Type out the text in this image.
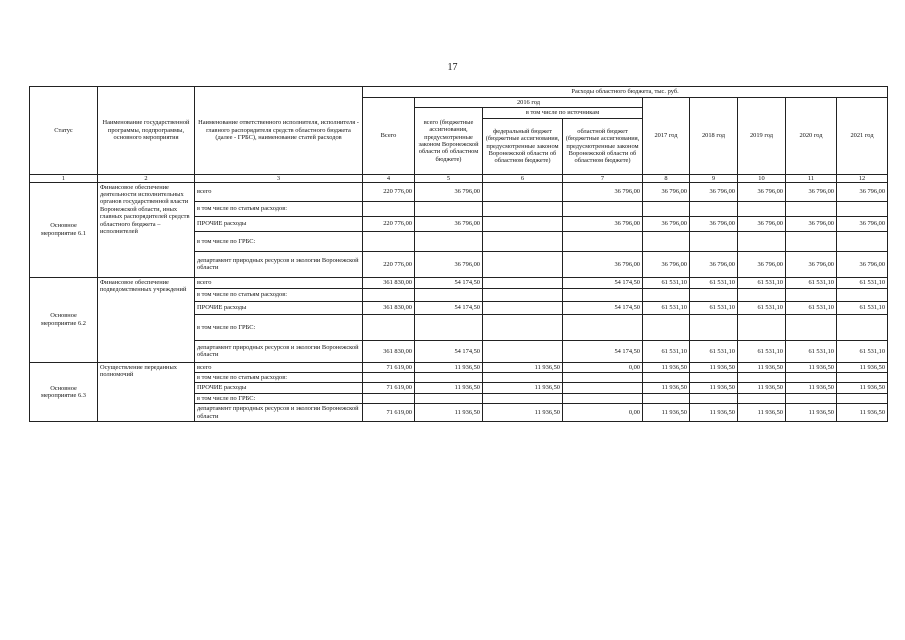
17
Статус	Наименование государственной программы, подпрограммы, основного мероприятия	Наименование ответственного исполнителя, исполнителя - главного распорядителя средств областного бюджета (далее - ГРБС), наименование статей расходов	Расходы областного бюджета, тыс. руб.								
			Всего	2016 год			2017 год	2018 год	2019 год	2020 год	2021 год
				всего (бюджетные ассигнования, предусмотренные законом Воронежской области об областном бюджете)	в том числе по источникам						
					федеральный бюджет (бюджетные ассигнования, предусмотренные законом Воронежской области об областном бюджете)	областной бюджет (бюджетные ассигнования, предусмотренные законом Воронежской области об областном бюджете)					
1	2	3	4	5	6	7	8	9	10	11	12
Основное мероприятие 6.1	Финансовое обеспечение деятельности исполнительных органов государственной власти Воронежской области, иных главных распорядителей средств областного бюджета – исполнителей	всего	220 776,00	36 796,00		36 796,00	36 796,00	36 796,00	36 796,00	36 796,00	36 796,00
		в том числе по статьям расходов:									
		ПРОЧИЕ расходы	220 776,00	36 796,00		36 796,00	36 796,00	36 796,00	36 796,00	36 796,00	36 796,00
		в том числе по ГРБС:									
		департамент природных ресурсов и экологии Воронежской области	220 776,00	36 796,00		36 796,00	36 796,00	36 796,00	36 796,00	36 796,00	36 796,00
Основное мероприятие 6.2	Финансовое обеспечение подведомственных учреждений	всего	361 830,00	54 174,50		54 174,50	61 531,10	61 531,10	61 531,10	61 531,10	61 531,10
		в том числе по статьям расходов:									
		ПРОЧИЕ расходы	361 830,00	54 174,50		54 174,50	61 531,10	61 531,10	61 531,10	61 531,10	61 531,10
		в том числе по ГРБС:									
		департамент природных ресурсов и экологии Воронежской области	361 830,00	54 174,50		54 174,50	61 531,10	61 531,10	61 531,10	61 531,10	61 531,10
Основное мероприятие 6.3	Осуществление переданных полномочий	всего	71 619,00	11 936,50	11 936,50	0,00	11 936,50	11 936,50	11 936,50	11 936,50	11 936,50
		в том числе по статьям расходов:									
		ПРОЧИЕ расходы	71 619,00	11 936,50	11 936,50		11 936,50	11 936,50	11 936,50	11 936,50	11 936,50
		в том числе по ГРБС:									
		департамент природных ресурсов и экологии Воронежской области	71 619,00	11 936,50	11 936,50	0,00	11 936,50	11 936,50	11 936,50	11 936,50	11 936,50
